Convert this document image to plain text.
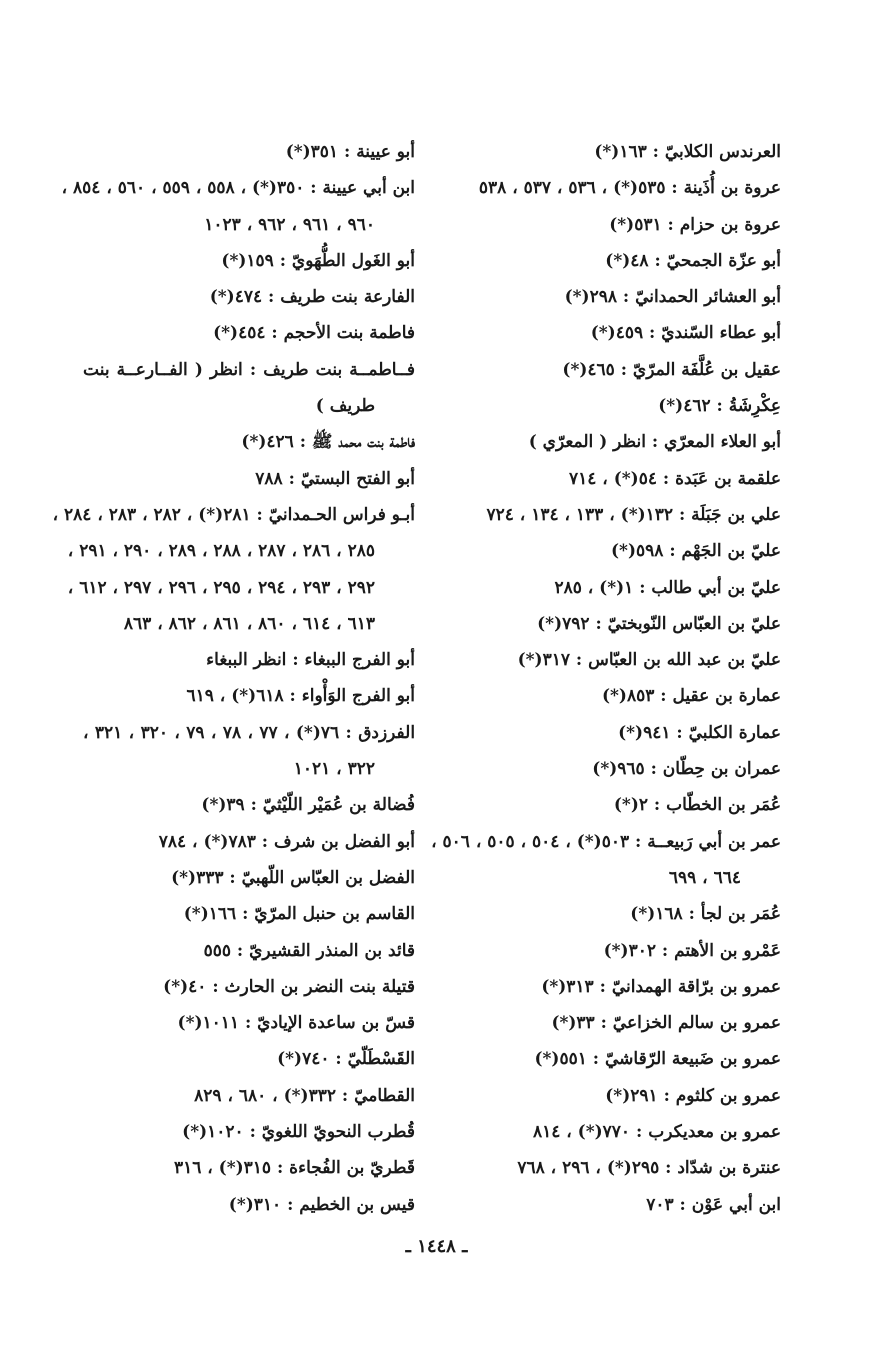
العرندس الكلابيّ : ١٦٣(*)
عروة بن أُذَينة : ٥٣٥(*) ، ٥٣٦ ، ٥٣٧ ، ٥٣٨
عروة بن حزام : ٥٣١(*)
أبو عزّة الجمحيّ : ٤٨(*)
أبو العشائر الحمدانيّ : ٢٩٨(*)
أبو عطاء السّنديّ : ٤٥٩(*)
عقيل بن عُلَّفَة المرّيّ : ٤٦٥(*)
عِكْرِشَةُ : ٤٦٢(*)
أبو العلاء المعرّي : انظر ( المعرّي )
علقمة بن عَبَدة : ٥٤(*) ، ٧١٤
علي بن جَبَلَة : ١٣٢(*) ، ١٣٣ ، ١٣٤ ، ٧٢٤
عليّ بن الجَهْم : ٥٩٨(*)
عليّ بن أبي طالب : ١(*) ، ٢٨٥
عليّ بن العبّاس النّوبختيّ : ٧٩٢(*)
عليّ بن عبد الله بن العبّاس : ٣١٧(*)
عمارة بن عقيل : ٨٥٣(*)
عمارة الكلبيّ : ٩٤١(*)
عمران بن حِطّان : ٩٦٥(*)
عُمَر بن الخطّاب : ٢(*)
عمر بن أبي رَبيعــة : ٥٠٣(*) ، ٥٠٤ ، ٥٠٥ ، ٥٠٦ ،
٦٦٤ ، ٦٩٩
عُمَر بن لجأ : ١٦٨(*)
عَمْرو بن الأهتم : ٣٠٢(*)
عمرو بن برّاقة الهمدانيّ : ٣١٣(*)
عمرو بن سالم الخزاعيّ : ٣٣(*)
عمرو بن ضَبيعة الرّقاشيّ : ٥٥١(*)
عمرو بن كلثوم : ٢٩١(*)
عمرو بن معديكرب : ٧٧٠(*) ، ٨١٤
عنترة بن شدّاد : ٢٩٥(*) ، ٢٩٦ ، ٧٦٨
ابن أبي عَوْن : ٧٠٣
أبو عيينة : ٣٥١(*)
ابن أبي عيينة : ٣٥٠(*) ، ٥٥٨ ، ٥٥٩ ، ٥٦٠ ، ٨٥٤ ،
٩٦٠ ، ٩٦١ ، ٩٦٢ ، ١٠٢٣
أبو الغَول الطُّهَويّ : ١٥٩(*)
الفارعة بنت طريف : ٤٧٤(*)
فاطمة بنت الأحجم : ٤٥٤(*)
فــاطمــة بنت طريف : انظر ( الفــارعــة بنت
طريف )
فاطمة بنت محمد ﷺ : ٤٢٦(*)
أبو الفتح البستيّ : ٧٨٨
أبـو فراس الحـمدانيّ : ٢٨١(*) ، ٢٨٢ ، ٢٨٣ ، ٢٨٤ ،
٢٨٥ ، ٢٨٦ ، ٢٨٧ ، ٢٨٨ ، ٢٨٩ ، ٢٩٠ ، ٢٩١ ،
٢٩٢ ، ٢٩٣ ، ٢٩٤ ، ٢٩٥ ، ٢٩٦ ، ٢٩٧ ، ٦١٢ ،
٦١٣ ، ٦١٤ ، ٨٦٠ ، ٨٦١ ، ٨٦٢ ، ٨٦٣
أبو الفرج الببغاء : انظر الببغاء
أبو الفرج الوَأْواء : ٦١٨(*) ، ٦١٩
الفرزدق : ٧٦(*) ، ٧٧ ، ٧٨ ، ٧٩ ، ٣٢٠ ، ٣٢١ ،
٣٢٢ ، ١٠٢١
فُضالة بن عُمَيْر اللّيْثيّ : ٣٩(*)
أبو الفضل بن شرف : ٧٨٣(*) ، ٧٨٤
الفضل بن العبّاس اللّهبيّ : ٣٣٣(*)
القاسم بن حنبل المرّيّ : ١٦٦(*)
قائد بن المنذر القشيريّ : ٥٥٥
قتيلة بنت النضر بن الحارث : ٤٠(*)
قسّ بن ساعدة الإياديّ : ١٠١١(*)
القَسْطَلّيّ : ٧٤٠(*)
القطاميّ : ٣٣٢(*) ، ٦٨٠ ، ٨٢٩
قُطرب النحويّ اللغويّ : ١٠٢٠(*)
قَطريّ بن الفُجاءة : ٣١٥(*) ، ٣١٦
قيس بن الخطيم : ٣١٠(*)
ـ ١٤٤٨ ـ
